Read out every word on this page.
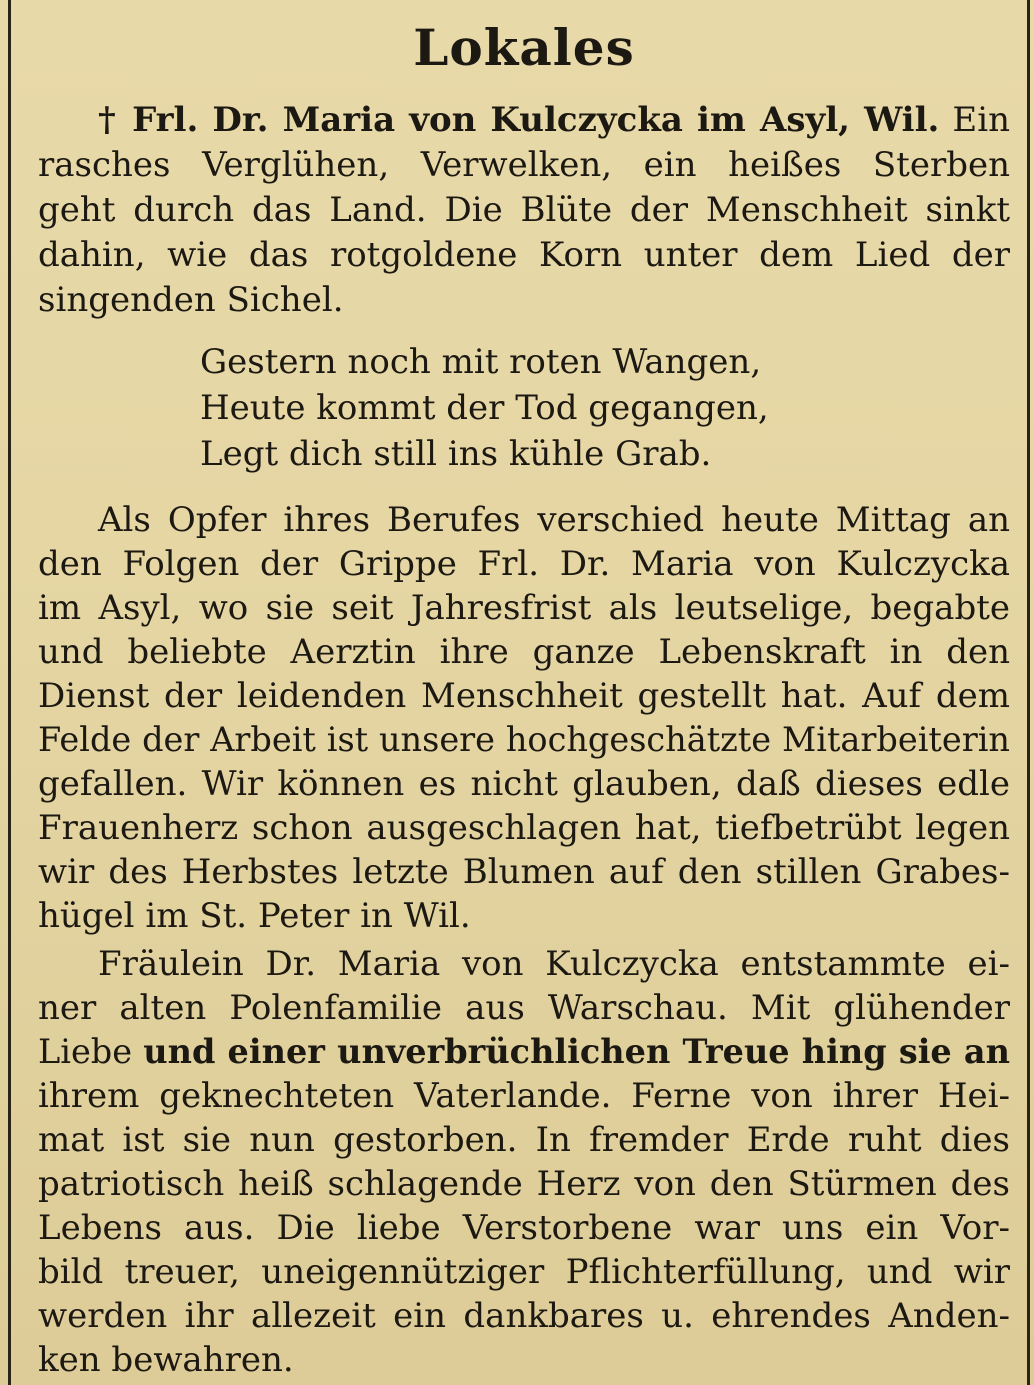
Lokales
† Frl. Dr. Maria von Kulczycka im Asyl, Wil. Ein
rasches Verglühen, Verwelken, ein heißes Sterben
geht durch das Land. Die Blüte der Menschheit sinkt
dahin, wie das rotgoldene Korn unter dem Lied der
singenden Sichel.
Gestern noch mit roten Wangen,
Heute kommt der Tod gegangen,
Legt dich still ins kühle Grab.
Als Opfer ihres Berufes verschied heute Mittag an
den Folgen der Grippe Frl. Dr. Maria von Kulczycka
im Asyl, wo sie seit Jahresfrist als leutselige, begabte
und beliebte Aerztin ihre ganze Lebenskraft in den
Dienst der leidenden Menschheit gestellt hat. Auf dem
Felde der Arbeit ist unsere hochgeschätzte Mitarbeiterin
gefallen. Wir können es nicht glauben, daß dieses edle
Frauenherz schon ausgeschlagen hat, tiefbetrübt legen
wir des Herbstes letzte Blumen auf den stillen Grabes-
hügel im St. Peter in Wil.
Fräulein Dr. Maria von Kulczycka entstammte ei-
ner alten Polenfamilie aus Warschau. Mit glühender
Liebe und einer unverbrüchlichen Treue hing sie an
ihrem geknechteten Vaterlande. Ferne von ihrer Hei-
mat ist sie nun gestorben. In fremder Erde ruht dies
patriotisch heiß schlagende Herz von den Stürmen des
Lebens aus. Die liebe Verstorbene war uns ein Vor-
bild treuer, uneigennütziger Pflichterfüllung, und wir
werden ihr allezeit ein dankbares u. ehrendes Anden-
ken bewahren.
